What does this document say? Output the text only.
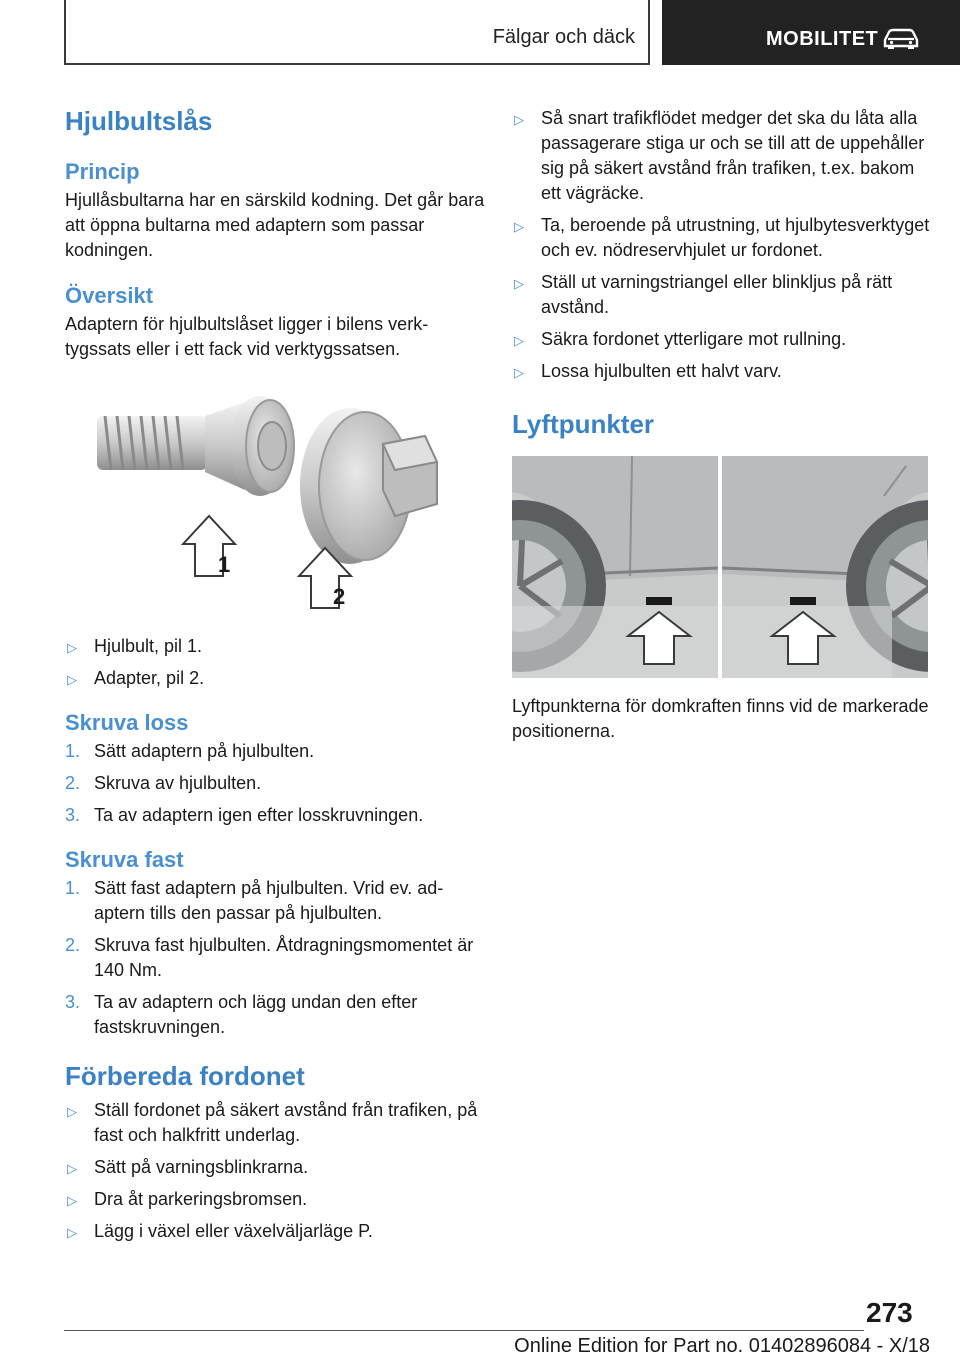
Fälgar och däck	MOBILITET
Hjulbultslås
Princip

Hjullåsbultarna har en särskild kodning. Det går bara att öppna bultarna med adaptern som passar kodningen.

Översikt

Adaptern för hjulbultslåset ligger i bilens verktygssats eller i ett fack vid verktygssatsen.

1
2
▷ Hjulbult, pil 1.
▷ Adapter, pil 2.
Skruva loss
1. Sätt adaptern på hjulbulten.
2. Skruva av hjulbulten.
3. Ta av adaptern igen efter losskruvningen.
Skruva fast
1. Sätt fast adaptern på hjulbulten. Vrid ev. adaptern tills den passar på hjulbulten.
2. Skruva fast hjulbulten. Åtdragningsmomentet är 140 Nm.
3. Ta av adaptern och lägg undan den efter fastskruvningen.
Förbereda fordonet
▷ Ställ fordonet på säkert avstånd från trafiken, på fast och halkfritt underlag.
▷ Sätt på varningsblinkrarna.
▷ Dra åt parkeringsbromsen.
▷ Lägg i växel eller växelväljarläge P.
▷ Så snart trafikflödet medger det ska du låta alla passagerare stiga ur och se till att de uppehåller sig på säkert avstånd från trafiken, t.ex. bakom ett vägräcke.
▷ Ta, beroende på utrustning, ut hjulbytesverktyget och ev. nödreservhjulet ur fordonet.
▷ Ställ ut varningstriangel eller blinkljus på rätt avstånd.
▷ Säkra fordonet ytterligare mot rullning.
▷ Lossa hjulbulten ett halvt varv.
Lyftpunkter

Lyftpunkterna för domkraften finns vid de markerade positionerna.

273
Online Edition for Part no. 01402896084 - X/18
